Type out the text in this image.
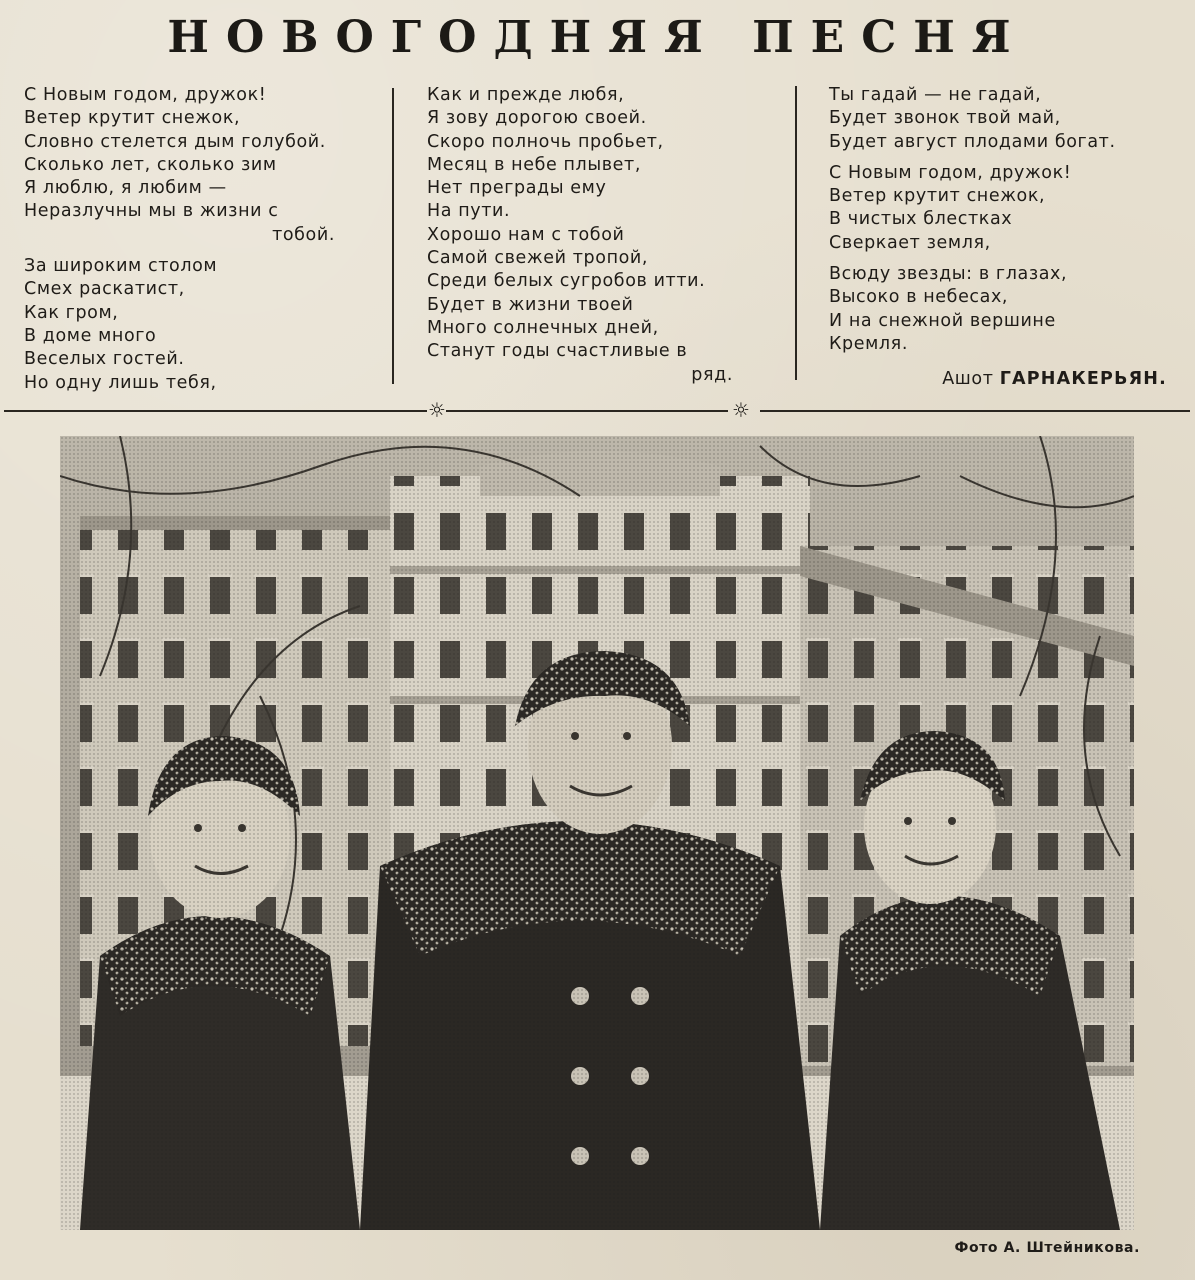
НОВОГОДНЯЯ ПЕСНЯ
С Новым годом, дружок!
Ветер крутит снежок,
Словно стелется дым голубой.
Сколько лет, сколько зим
Я люблю, я любим —
Неразлучны мы в жизни с
тобой.
За широким столом
Смех раскатист,
Как гром,
В доме много
Веселых гостей.
Но одну лишь тебя,
Как и прежде любя,
Я зову дорогою своей.
Скоро полночь пробьет,
Месяц в небе плывет,
Нет преграды ему
На пути.
Хорошо нам с тобой
Самой свежей тропой,
Среди белых сугробов итти.
Будет в жизни твоей
Много солнечных дней,
Станут годы счастливые в
ряд.
Ты гадай — не гадай,
Будет звонок твой май,
Будет август плодами богат.
С Новым годом, дружок!
Ветер крутит снежок,
В чистых блестках
Сверкает земля,
Всюду звезды: в глазах,
Высоко в небесах,
И на снежной вершине
Кремля.
Ашот ГАРНАКЕРЬЯН.
☼	☼
Фото А. Штейникова.
